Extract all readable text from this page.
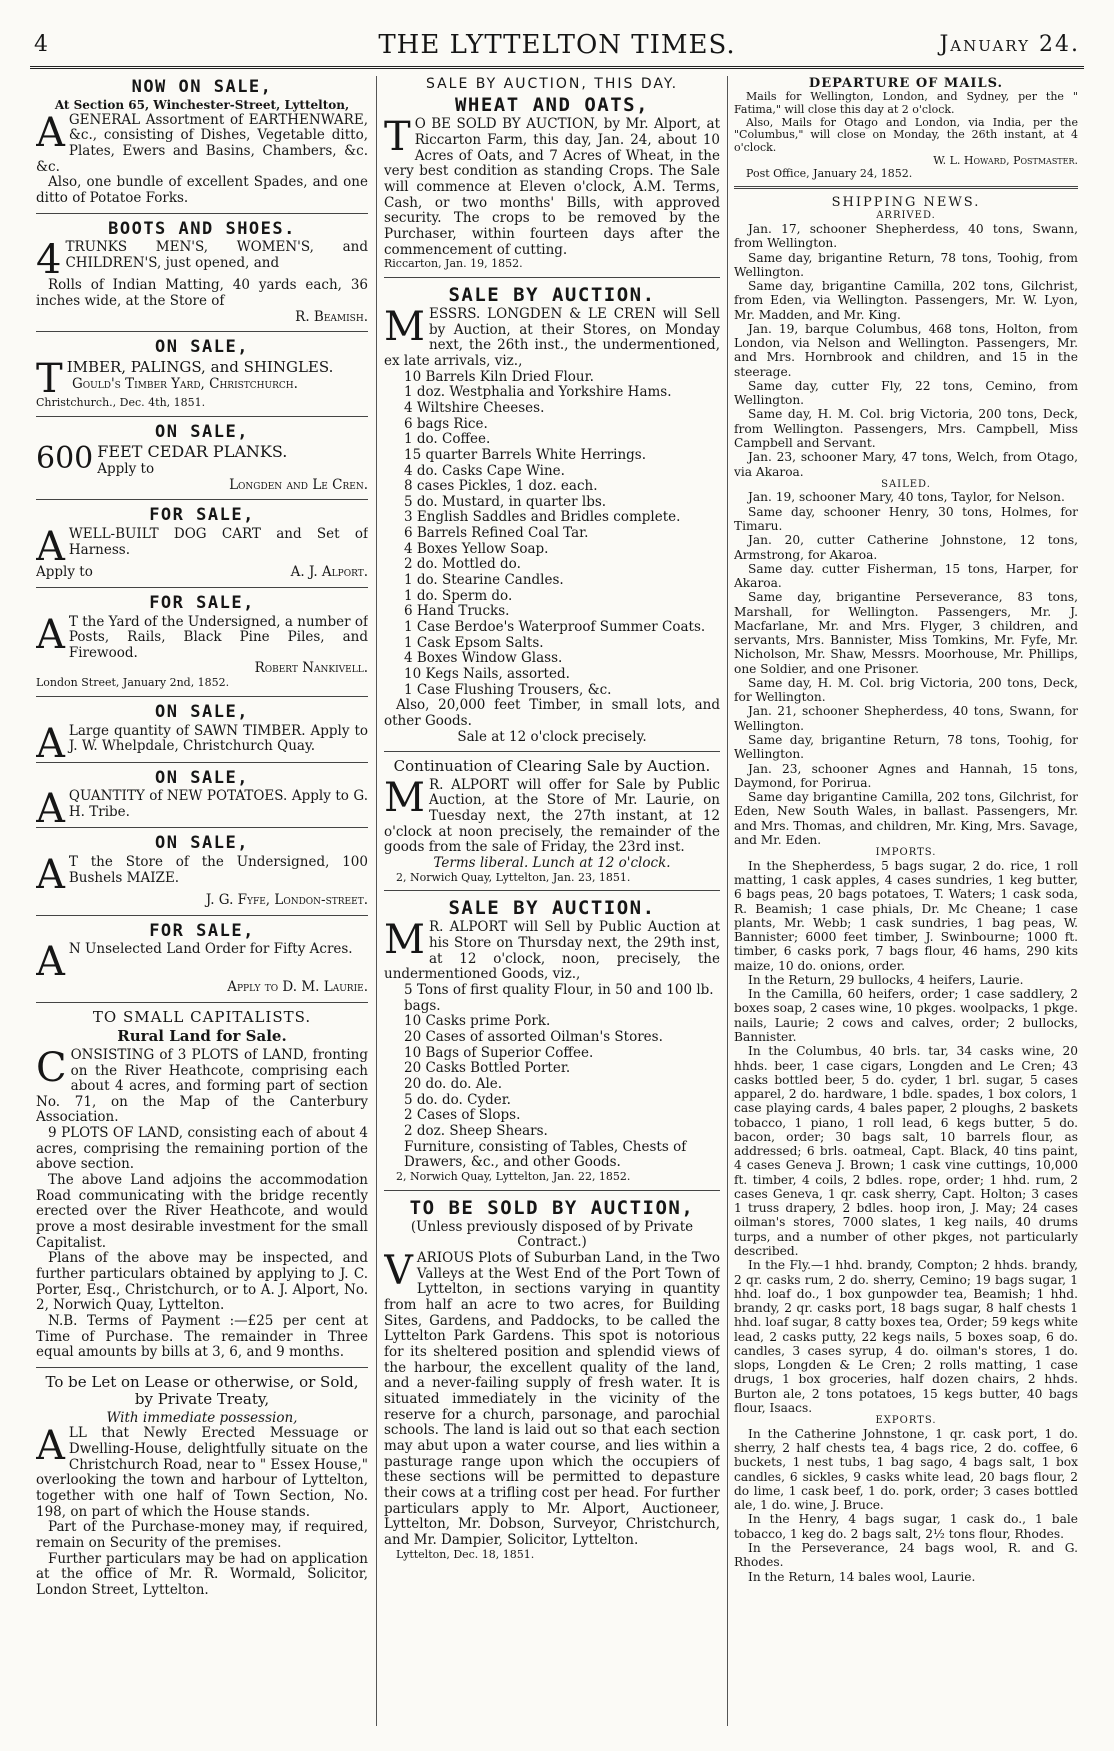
4	THE LYTTELTON TIMES.	January 24.
NOW ON SALE,
At Section 65, Winchester-Street, Lyttelton,

AGENERAL Assortment of EARTHENWARE, &c., consisting of Dishes, Vegetable ditto, Plates, Ewers and Basins, Chambers, &c. &c.

Also, one bundle of excellent Spades, and one ditto of Potatoe Forks.

BOOTS AND SHOES.

4 TRUNKS MEN'S, WOMEN'S, and CHILDREN'S, just opened, and

Rolls of Indian Matting, 40 yards each, 36 inches wide, at the Store of

R. Beamish.

ON SALE,

TIMBER, PALINGS, and SHINGLES.

Gould's Timber Yard, Christchurch.

Christchurch., Dec. 4th, 1851.

ON SALE,

600 FEET CEDAR PLANKS.
Apply to

Longden and Le Cren.

FOR SALE,

AWELL-BUILT DOG CART and Set of Harness.

Apply to	A. J. Alport.
FOR SALE,

A T the Yard of the Undersigned, a number of Posts, Rails, Black Pine Piles, and Firewood.

Robert Nankivell.

London Street, January 2nd, 1852.

ON SALE,

A Large quantity of SAWN TIMBER. Apply to J. W. Whelpdale, Christchurch Quay.

ON SALE,

AQUANTITY of NEW POTATOES. Apply to G. H. Tribe.

ON SALE,

A T the Store of the Undersigned, 100 Bushels MAIZE.

J. G. Fyfe, London-street.

FOR SALE,

A N Unselected Land Order for Fifty Acres.

Apply to D. M. Laurie.

TO SMALL CAPITALISTS.
Rural Land for Sale.

CONSISTING of 3 PLOTS of LAND, fronting on the River Heathcote, comprising each about 4 acres, and forming part of section No. 71, on the Map of the Canterbury Association.

9 PLOTS OF LAND, consisting each of about 4 acres, comprising the remaining portion of the above section.

The above Land adjoins the accommodation Road communicating with the bridge recently erected over the River Heathcote, and would prove a most desirable investment for the small Capitalist.

Plans of the above may be inspected, and further particulars obtained by applying to J. C. Porter, Esq., Christchurch, or to A. J. Alport, No. 2, Norwich Quay, Lyttelton.

N.B. Terms of Payment :—£25 per cent at Time of Purchase. The remainder in Three equal amounts by bills at 3, 6, and 9 months.

To be Let on Lease or otherwise, or Sold, by Private Treaty,
With immediate possession,

ALL that Newly Erected Messuage or Dwelling-House, delightfully situate on the Christchurch Road, near to " Essex House," overlooking the town and harbour of Lyttelton, together with one half of Town Section, No. 198, on part of which the House stands.

Part of the Purchase-money may, if required, remain on Security of the premises.

Further particulars may be had on application at the office of Mr. R. Wormald, Solicitor, London Street, Lyttelton.

SALE BY AUCTION, THIS DAY.
WHEAT AND OATS,

T O BE SOLD BY AUCTION, by Mr. Alport, at Riccarton Farm, this day, Jan. 24, about 10 Acres of Oats, and 7 Acres of Wheat, in the very best condition as standing Crops. The Sale will commence at Eleven o'clock, A.M. Terms, Cash, or two months' Bills, with approved security. The crops to be removed by the Purchaser, within fourteen days after the commencement of cutting.

Riccarton, Jan. 19, 1852.

SALE BY AUCTION.

MESSRS. LONGDEN & LE CREN will Sell by Auction, at their Stores, on Monday next, the 26th inst., the undermentioned, ex late arrivals, viz.,

10 Barrels Kiln Dried Flour.
1 doz. Westphalia and Yorkshire Hams.
4 Wiltshire Cheeses.
6 bags Rice.
1 do. Coffee.
15 quarter Barrels White Herrings.
4 do. Casks Cape Wine.
8 cases Pickles, 1 doz. each.
5 do. Mustard, in quarter lbs.
3 English Saddles and Bridles complete.
6 Barrels Refined Coal Tar.
4 Boxes Yellow Soap.
2 do. Mottled do.
1 do. Stearine Candles.
1 do. Sperm do.
6 Hand Trucks.
1 Case Berdoe's Waterproof Summer Coats.
1 Cask Epsom Salts.
4 Boxes Window Glass.
10 Kegs Nails, assorted.
1 Case Flushing Trousers, &c.

Also, 20,000 feet Timber, in small lots, and other Goods.

Sale at 12 o'clock precisely.

Continuation of Clearing Sale by Auction.

M R. ALPORT will offer for Sale by Public Auction, at the Store of Mr. Laurie, on Tuesday next, the 27th instant, at 12 o'clock at noon precisely, the remainder of the goods from the sale of Friday, the 23rd inst.

Terms liberal. Lunch at 12 o'clock.

2, Norwich Quay, Lyttelton, Jan. 23, 1851.

SALE BY AUCTION.

M R. ALPORT will Sell by Public Auction at his Store on Thursday next, the 29th inst, at 12 o'clock, noon, precisely, the undermentioned Goods, viz.,

5 Tons of first quality Flour, in 50 and 100 lb. bags.
10 Casks prime Pork.
20 Cases of assorted Oilman's Stores.
10 Bags of Superior Coffee.
20 Casks Bottled Porter.
20 do. do. Ale.
5 do. do. Cyder.
2 Cases of Slops.
2 doz. Sheep Shears.
Furniture, consisting of Tables, Chests of Drawers, &c., and other Goods.

2, Norwich Quay, Lyttelton, Jan. 22, 1852.

TO BE SOLD BY AUCTION,
(Unless previously disposed of by Private Contract.)

VARIOUS Plots of Suburban Land, in the Two Valleys at the West End of the Port Town of Lyttelton, in sections varying in quantity from half an acre to two acres, for Building Sites, Gardens, and Paddocks, to be called the Lyttelton Park Gardens. This spot is notorious for its sheltered position and splendid views of the harbour, the excellent quality of the land, and a never-failing supply of fresh water. It is situated immediately in the vicinity of the reserve for a church, parsonage, and parochial schools. The land is laid out so that each section may abut upon a water course, and lies within a pasturage range upon which the occupiers of these sections will be permitted to depasture their cows at a trifling cost per head. For further particulars apply to Mr. Alport, Auctioneer, Lyttelton, Mr. Dobson, Surveyor, Christchurch, and Mr. Dampier, Solicitor, Lyttelton.

Lyttelton, Dec. 18, 1851.

DEPARTURE OF MAILS.

Mails for Wellington, London, and Sydney, per the " Fatima," will close this day at 2 o'clock.

Also, Mails for Otago and London, via India, per the "Columbus," will close on Monday, the 26th instant, at 4 o'clock.

W. L. Howard, Postmaster.

Post Office, January 24, 1852.

SHIPPING NEWS.

ARRIVED.

Jan. 17, schooner Shepherdess, 40 tons, Swann, from Wellington.

Same day, brigantine Return, 78 tons, Toohig, from Wellington.

Same day, brigantine Camilla, 202 tons, Gilchrist, from Eden, via Wellington. Passengers, Mr. W. Lyon, Mr. Madden, and Mr. King.

Jan. 19, barque Columbus, 468 tons, Holton, from London, via Nelson and Wellington. Passengers, Mr. and Mrs. Hornbrook and children, and 15 in the steerage.

Same day, cutter Fly, 22 tons, Cemino, from Wellington.

Same day, H. M. Col. brig Victoria, 200 tons, Deck, from Wellington. Passengers, Mrs. Campbell, Miss Campbell and Servant.

Jan. 23, schooner Mary, 47 tons, Welch, from Otago, via Akaroa.

SAILED.

Jan. 19, schooner Mary, 40 tons, Taylor, for Nelson.

Same day, schooner Henry, 30 tons, Holmes, for Timaru.

Jan. 20, cutter Catherine Johnstone, 12 tons, Armstrong, for Akaroa.

Same day. cutter Fisherman, 15 tons, Harper, for Akaroa.

Same day, brigantine Perseverance, 83 tons, Marshall, for Wellington. Passengers, Mr. J. Macfarlane, Mr. and Mrs. Flyger, 3 children, and servants, Mrs. Bannister, Miss Tomkins, Mr. Fyfe, Mr. Nicholson, Mr. Shaw, Messrs. Moorhouse, Mr. Phillips, one Soldier, and one Prisoner.

Same day, H. M. Col. brig Victoria, 200 tons, Deck, for Wellington.

Jan. 21, schooner Shepherdess, 40 tons, Swann, for Wellington.

Same day, brigantine Return, 78 tons, Toohig, for Wellington.

Jan. 23, schooner Agnes and Hannah, 15 tons, Daymond, for Porirua.

Same day brigantine Camilla, 202 tons, Gilchrist, for Eden, New South Wales, in ballast. Passengers, Mr. and Mrs. Thomas, and children, Mr. King, Mrs. Savage, and Mr. Eden.

IMPORTS.

In the Shepherdess, 5 bags sugar, 2 do. rice, 1 roll matting, 1 cask apples, 4 cases sundries, 1 keg butter, 6 bags peas, 20 bags potatoes, T. Waters; 1 cask soda, R. Beamish; 1 case phials, Dr. Mc Cheane; 1 case plants, Mr. Webb; 1 cask sundries, 1 bag peas, W. Bannister; 6000 feet timber, J. Swinbourne; 1000 ft. timber, 6 casks pork, 7 bags flour, 46 hams, 290 kits maize, 10 do. onions, order.

In the Return, 29 bullocks, 4 heifers, Laurie.

In the Camilla, 60 heifers, order; 1 case saddlery, 2 boxes soap, 2 cases wine, 10 pkges. woolpacks, 1 pkge. nails, Laurie; 2 cows and calves, order; 2 bullocks, Bannister.

In the Columbus, 40 brls. tar, 34 casks wine, 20 hhds. beer, 1 case cigars, Longden and Le Cren; 43 casks bottled beer, 5 do. cyder, 1 brl. sugar, 5 cases apparel, 2 do. hardware, 1 bdle. spades, 1 box colors, 1 case playing cards, 4 bales paper, 2 ploughs, 2 baskets tobacco, 1 piano, 1 roll lead, 6 kegs butter, 5 do. bacon, order; 30 bags salt, 10 barrels flour, as addressed; 6 brls. oatmeal, Capt. Black, 40 tins paint, 4 cases Geneva J. Brown; 1 cask vine cuttings, 10,000 ft. timber, 4 coils, 2 bdles. rope, order; 1 hhd. rum, 2 cases Geneva, 1 qr. cask sherry, Capt. Holton; 3 cases 1 truss drapery, 2 bdles. hoop iron, J. May; 24 cases oilman's stores, 7000 slates, 1 keg nails, 40 drums turps, and a number of other pkges, not particularly described.

In the Fly.—1 hhd. brandy, Compton; 2 hhds. brandy, 2 qr. casks rum, 2 do. sherry, Cemino; 19 bags sugar, 1 hhd. loaf do., 1 box gunpowder tea, Beamish; 1 hhd. brandy, 2 qr. casks port, 18 bags sugar, 8 half chests 1 hhd. loaf sugar, 8 catty boxes tea, Order; 59 kegs white lead, 2 casks putty, 22 kegs nails, 5 boxes soap, 6 do. candles, 3 cases syrup, 4 do. oilman's stores, 1 do. slops, Longden & Le Cren; 2 rolls matting, 1 case drugs, 1 box groceries, half dozen chairs, 2 hhds. Burton ale, 2 tons potatoes, 15 kegs butter, 40 bags flour, Isaacs.

EXPORTS.

In the Catherine Johnstone, 1 qr. cask port, 1 do. sherry, 2 half chests tea, 4 bags rice, 2 do. coffee, 6 buckets, 1 nest tubs, 1 bag sago, 4 bags salt, 1 box candles, 6 sickles, 9 casks white lead, 20 bags flour, 2 do lime, 1 cask beef, 1 do. pork, order; 3 cases bottled ale, 1 do. wine, J. Bruce.

In the Henry, 4 bags sugar, 1 cask do., 1 bale tobacco, 1 keg do. 2 bags salt, 2½ tons flour, Rhodes.

In the Perseverance, 24 bags wool, R. and G. Rhodes.

In the Return, 14 bales wool, Laurie.
